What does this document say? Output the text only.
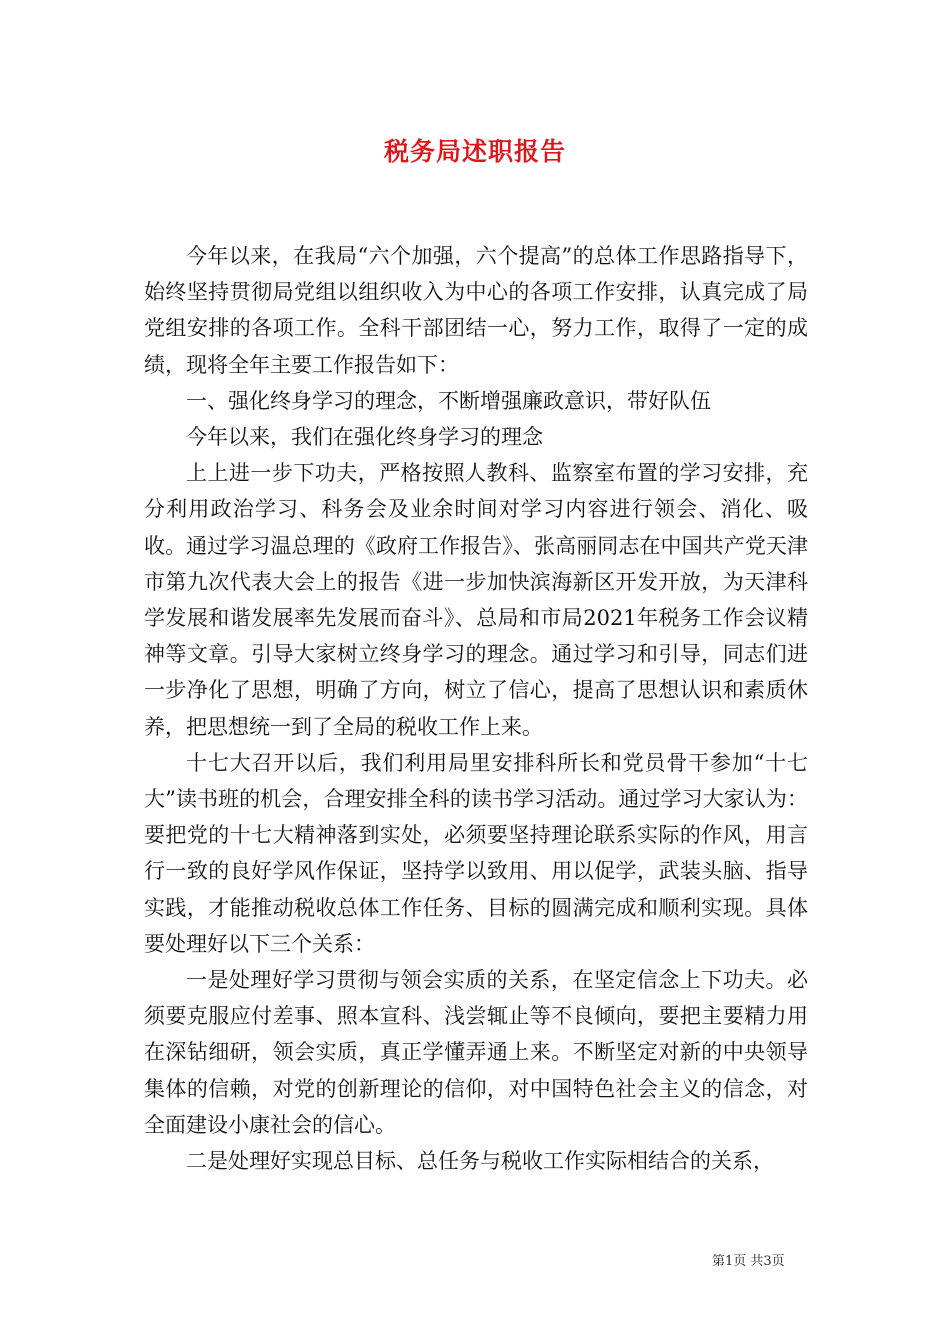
税务局述职报告

今年以来，在我局“六个加强，六个提高”的总体工作思路指导下，始终坚持贯彻局党组以组织收入为中心的各项工作安排，认真完成了局党组安排的各项工作。全科干部团结一心，努力工作，取得了一定的成绩，现将全年主要工作报告如下：

一、强化终身学习的理念，不断增强廉政意识，带好队伍

今年以来，我们在强化终身学习的理念

上上进一步下功夫，严格按照人教科、监察室布置的学习安排，充分利用政治学习、科务会及业余时间对学习内容进行领会、消化、吸收。通过学习温总理的《政府工作报告》、张高丽同志在中国共产党天津市第九次代表大会上的报告《进一步加快滨海新区开发开放，为天津科学发展和谐发展率先发展而奋斗》、总局和市局2021年税务工作会议精神等文章。引导大家树立终身学习的理念。通过学习和引导，同志们进一步净化了思想，明确了方向，树立了信心，提高了思想认识和素质休养，把思想统一到了全局的税收工作上来。

十七大召开以后，我们利用局里安排科所长和党员骨干参加“十七大”读书班的机会，合理安排全科的读书学习活动。通过学习大家认为：要把党的十七大精神落到实处，必须要坚持理论联系实际的作风，用言行一致的良好学风作保证，坚持学以致用、用以促学，武装头脑、指导实践，才能推动税收总体工作任务、目标的圆满完成和顺利实现。具体要处理好以下三个关系：

一是处理好学习贯彻与领会实质的关系，在坚定信念上下功夫。必须要克服应付差事、照本宣科、浅尝辄止等不良倾向，要把主要精力用在深钻细研，领会实质，真正学懂弄通上来。不断坚定对新的中央领导集体的信赖，对党的创新理论的信仰，对中国特色社会主义的信念，对全面建设小康社会的信心。

二是处理好实现总目标、总任务与税收工作实际相结合的关系，

第1页 共3页
